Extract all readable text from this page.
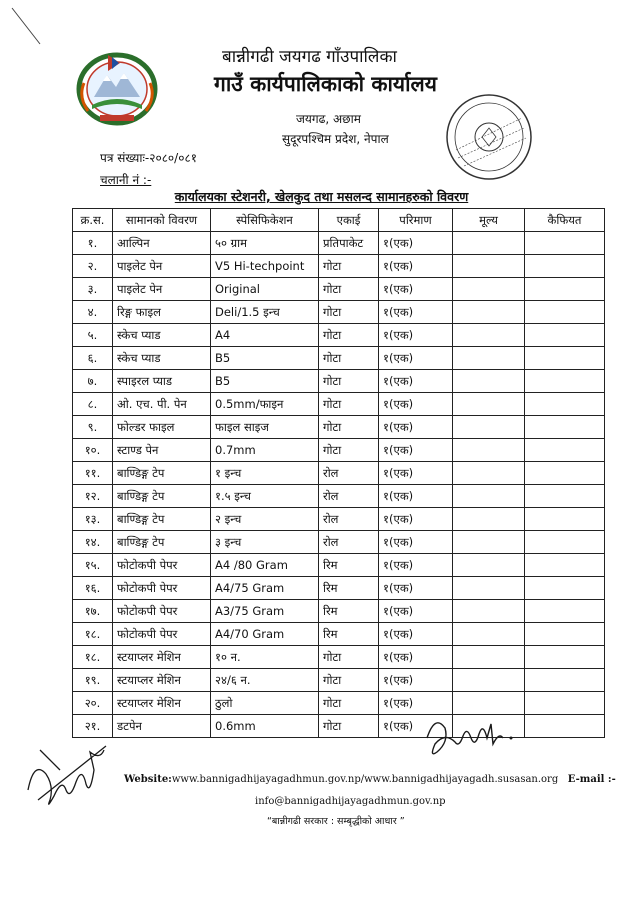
बान्नीगढी जयगढ गाँउपालिका
गाउँ कार्यपालिकाको कार्यालय
जयगढ, अछाम
सुदूरपश्चिम प्रदेश, नेपाल
पत्र संख्याः-२०८०/०८१
चलानी नं :-
कार्यालयका स्टेशनरी, खेलकुद तथा मसलन्द सामानहरुको विवरण
क्र.स.	सामानको विवरण	स्पेसिफिकेशन	एकाई	परिमाण	मूल्य	कैफियत
१.	आल्पिन	५० ग्राम	प्रतिपाकेट	१(एक)		
२.	पाइलेट पेन	V5 Hi-techpoint	गोटा	१(एक)		
३.	पाइलेट पेन	Original	गोटा	१(एक)		
४.	रिङ्ग फाइल	Deli/1.5 इन्च	गोटा	१(एक)		
५.	स्केच प्याड	A4	गोटा	१(एक)		
६.	स्केच प्याड	B5	गोटा	१(एक)		
७.	स्पाइरल प्याड	B5	गोटा	१(एक)		
८.	ओ. एच. पी. पेन	0.5mm/फाइन	गोटा	१(एक)		
९.	फोल्डर फाइल	फाइल साइज	गोटा	१(एक)		
१०.	स्टाण्ड पेन	0.7mm	गोटा	१(एक)		
११.	बाण्डिङ्ग टेप	१ इन्च	रोल	१(एक)		
१२.	बाण्डिङ्ग टेप	१.५ इन्च	रोल	१(एक)		
१३.	बाण्डिङ्ग टेप	२ इन्च	रोल	१(एक)		
१४.	बाण्डिङ्ग टेप	३ इन्च	रोल	१(एक)		
१५.	फोटोकपी पेपर	A4 /80 Gram	रिम	१(एक)		
१६.	फोटोकपी पेपर	A4/75 Gram	रिम	१(एक)		
१७.	फोटोकपी पेपर	A3/75 Gram	रिम	१(एक)		
१८.	फोटोकपी पेपर	A4/70 Gram	रिम	१(एक)		
१८.	स्टयाप्लर मेशिन	१० न.	गोटा	१(एक)		
१९.	स्टयाप्लर मेशिन	२४/६ न.	गोटा	१(एक)		
२०.	स्टयाप्लर मेशिन	ठुलो	गोटा	१(एक)		
२१.	डटपेन	0.6mm	गोटा	१(एक)		
Website:www.bannigadhijayagadhmun.gov.np/www.bannigadhijayagadh.susasan.org E-mail :-
info@bannigadhijayagadhmun.gov.np
“बान्नीगढी सरकार : सम्बृद्धीको आधार ”
